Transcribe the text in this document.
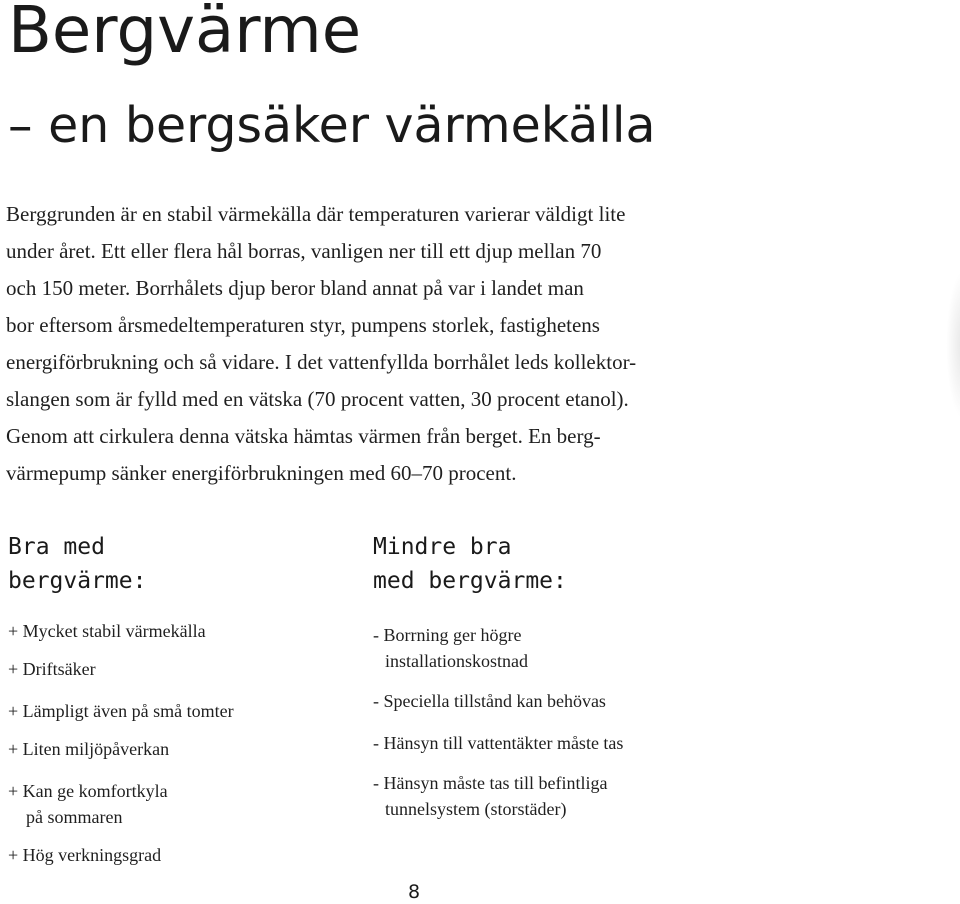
Bergvärme
– en bergsäker värmekälla

Berggrunden är en stabil värmekälla där temperaturen varierar väldigt lite
under året. Ett eller flera hål borras, vanligen ner till ett djup mellan 70
och 150 meter. Borrhålets djup beror bland annat på var i landet man
bor eftersom årsmedeltemperaturen styr, pumpens storlek, fastighetens
energiförbrukning och så vidare. I det vattenfyllda borrhålet leds kollektor-
slangen som är fylld med en vätska (70 procent vatten, 30 procent etanol).
Genom att cirkulera denna vätska hämtas värmen från berget. En berg-
värmepump sänker energiförbrukningen med 60–70 procent.

Bra med
bergvärme:
+ Mycket stabil värmekälla
+ Driftsäker
+ Lämpligt även på små tomter
+ Liten miljöpåverkan
+ Kan ge komfortkyla
på sommaren
+ Hög verkningsgrad
Mindre bra
med bergvärme:
- Borrning ger högre
installationskostnad
- Speciella tillstånd kan behövas
- Hänsyn till vattentäkter måste tas
- Hänsyn måste tas till befintliga
tunnelsystem (storstäder)
8
